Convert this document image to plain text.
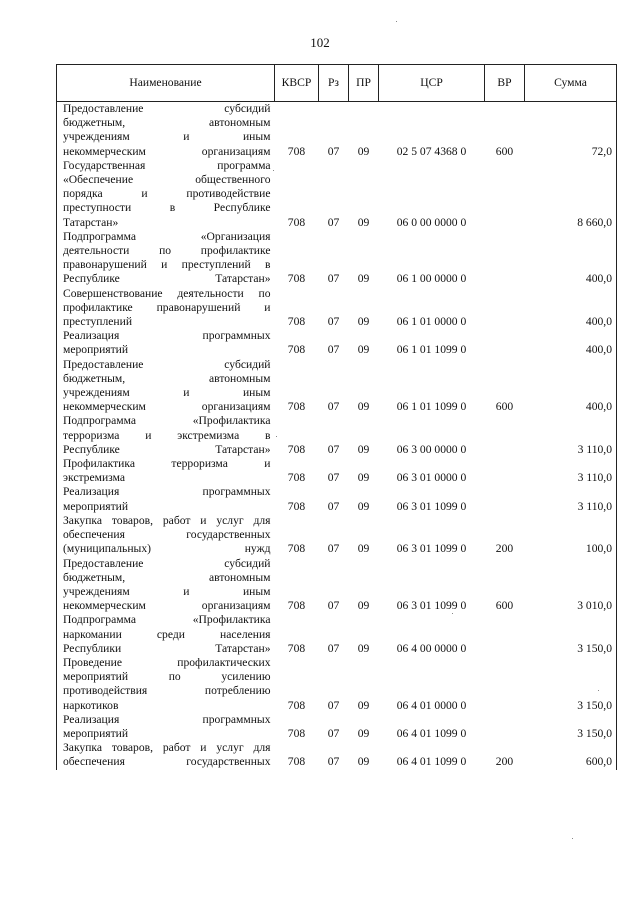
102
Наименование	КВСР	Рз	ПР	ЦСР	ВР	Сумма

Предоставление субсидий
бюджетным, автономным
учреждениям и иным
некоммерческим организациям	708	07	09	02 5 07 4368 0	600	72,0

Государственная программа
«Обеспечение общественного
порядка и противодействие
преступности в Республике
Татарстан»	708	07	09	06 0 00 0000 0		8 660,0

Подпрограмма «Организация
деятельности по профилактике
правонарушений и преступлений в
Республике Татарстан»	708	07	09	06 1 00 0000 0		400,0

Совершенствование деятельности по
профилактике правонарушений и
преступлений	708	07	09	06 1 01 0000 0		400,0

Реализация программных
мероприятий	708	07	09	06 1 01 1099 0		400,0

Предоставление субсидий
бюджетным, автономным
учреждениям и иным
некоммерческим организациям	708	07	09	06 1 01 1099 0	600	400,0

Подпрограмма «Профилактика
терроризма и экстремизма в
Республике Татарстан»	708	07	09	06 3 00 0000 0		3 110,0

Профилактика терроризма и
экстремизма	708	07	09	06 3 01 0000 0		3 110,0

Реализация программных
мероприятий	708	07	09	06 3 01 1099 0		3 110,0

Закупка товаров, работ и услуг для
обеспечения государственных
(муниципальных) нужд	708	07	09	06 3 01 1099 0	200	100,0

Предоставление субсидий
бюджетным, автономным
учреждениям и иным
некоммерческим организациям	708	07	09	06 3 01 1099 0	600	3 010,0

Подпрограмма «Профилактика
наркомании среди населения
Республики Татарстан»	708	07	09	06 4 00 0000 0		3 150,0

Проведение профилактических
мероприятий по усилению
противодействия потреблению
наркотиков	708	07	09	06 4 01 0000 0		3 150,0

Реализация программных
мероприятий	708	07	09	06 4 01 1099 0		3 150,0

Закупка товаров, работ и услуг для
обеспечения государственных	708	07	09	06 4 01 1099 0	200	600,0
